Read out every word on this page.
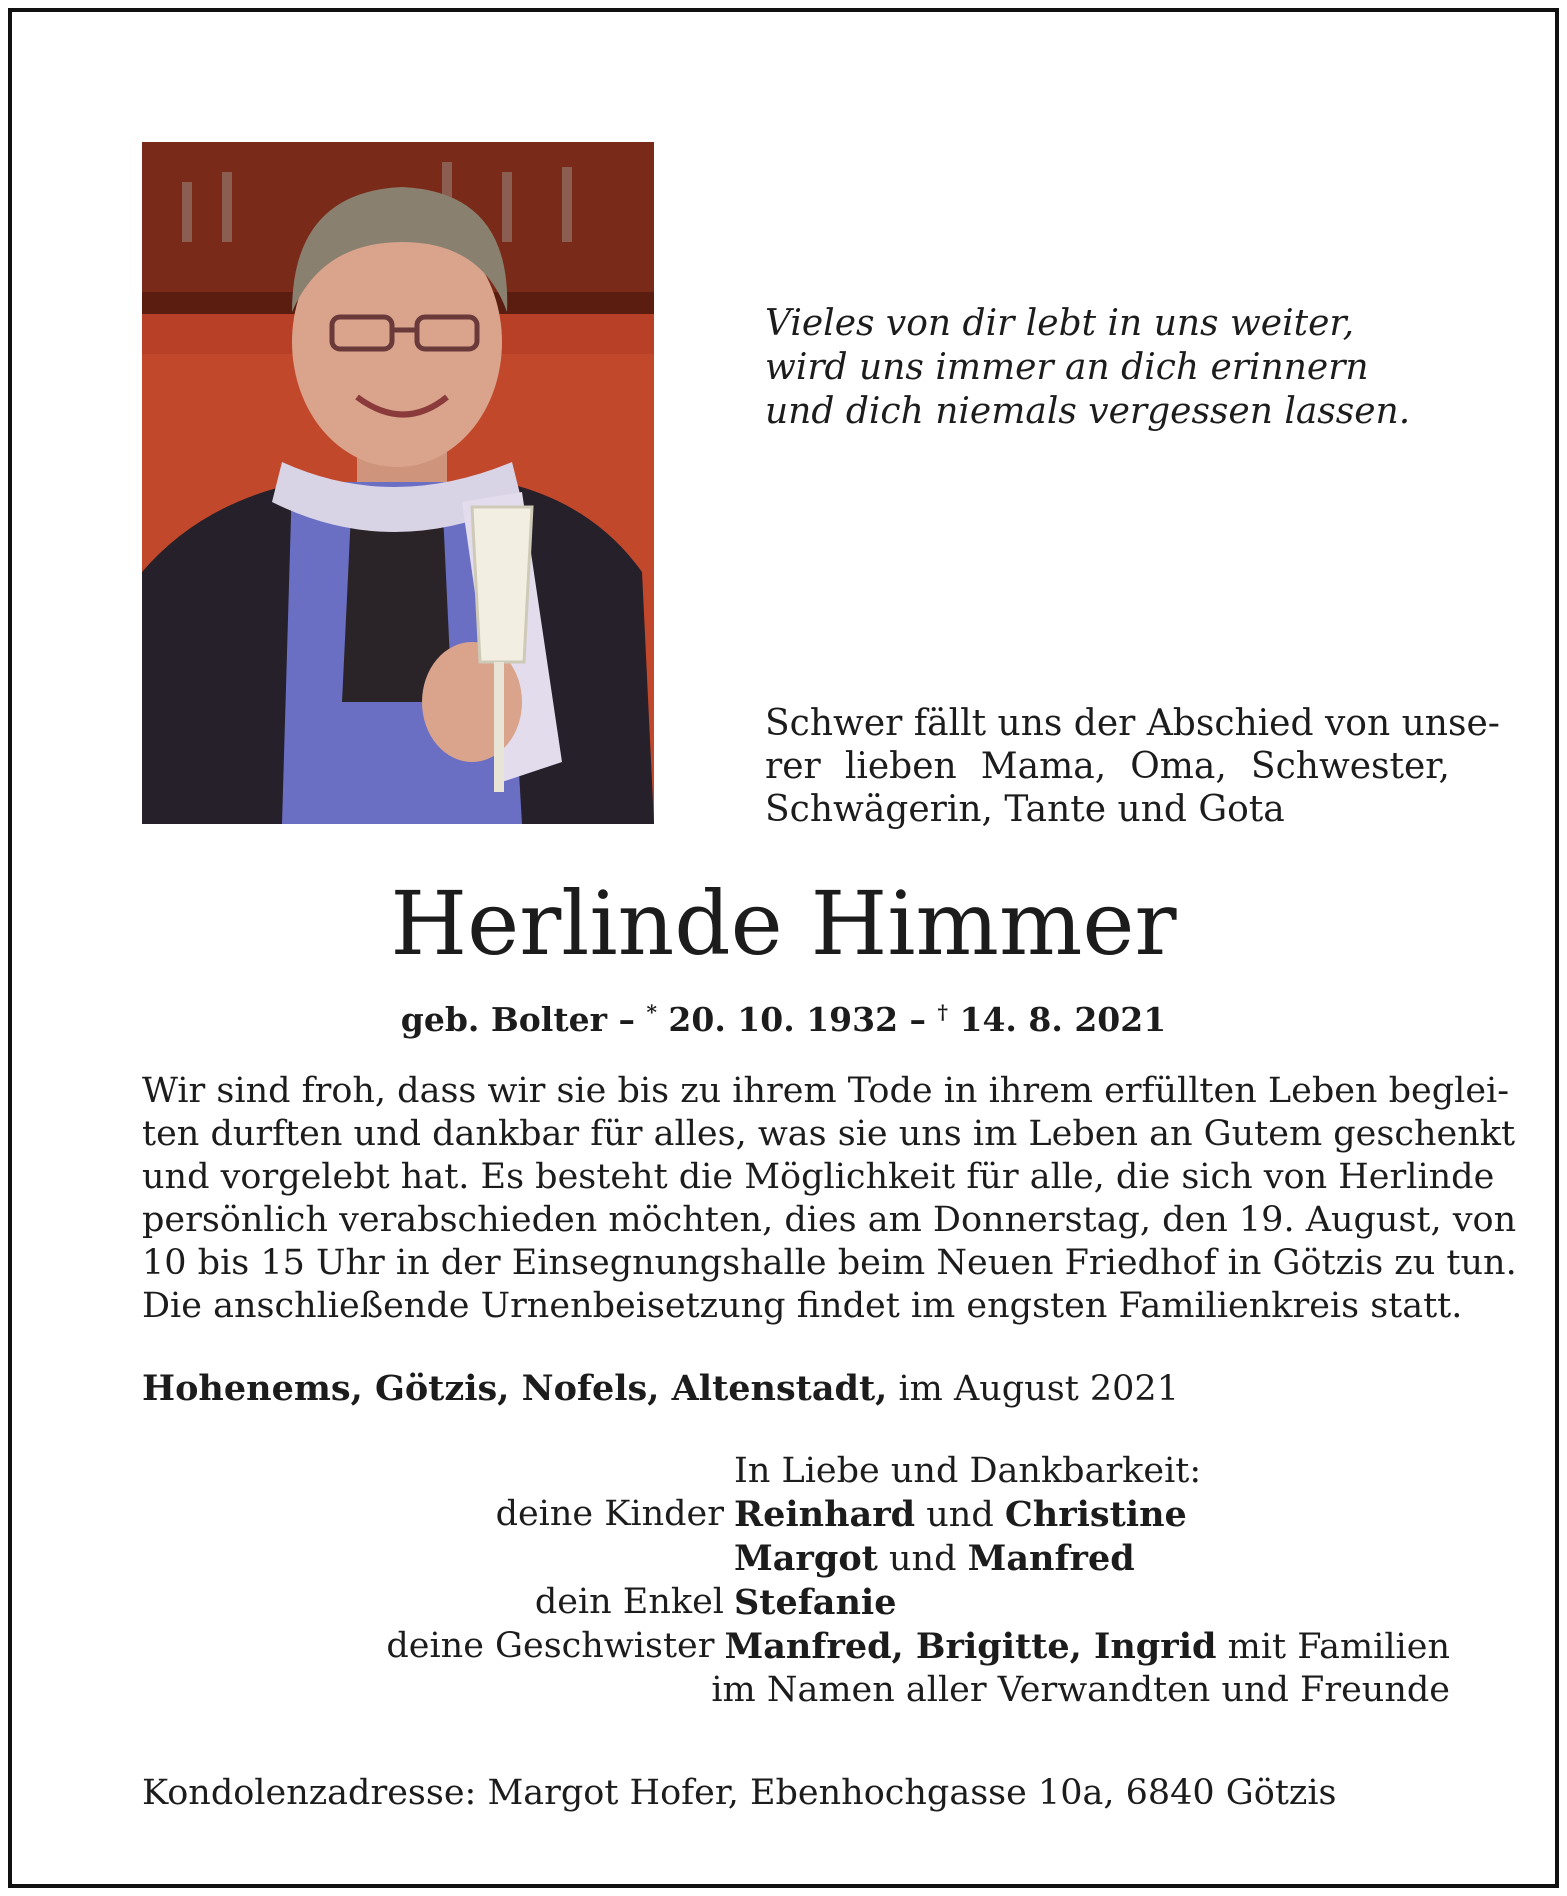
Vieles von dir lebt in uns weiter,
wird uns immer an dich erinnern
und dich niemals vergessen lassen.
Schwer fällt uns der Abschied von unse-
rer lieben Mama, Oma, Schwester,
Schwägerin, Tante und Gota
Herlinde Himmer
geb. Bolter – * 20. 10. 1932 – † 14. 8. 2021
Wir sind froh, dass wir sie bis zu ihrem Tode in ihrem erfüllten Leben beglei-
ten durften und dankbar für alles, was sie uns im Leben an Gutem geschenkt
und vorgelebt hat. Es besteht die Möglichkeit für alle, die sich von Herlinde
persönlich verabschieden möchten, dies am Donnerstag, den 19. August, von
10 bis 15 Uhr in der Einsegnungshalle beim Neuen Friedhof in Götzis zu tun.
Die anschließende Urnenbeisetzung findet im engsten Familienkreis statt.
Hohenems, Götzis, Nofels, Altenstadt, im August 2021
In Liebe und Dankbarkeit:
deine Kinder Reinhard und Christine
Margot und Manfred
dein Enkel Stefanie
deine Geschwister Manfred, Brigitte, Ingrid mit Familien
im Namen aller Verwandten und Freunde
Kondolenzadresse: Margot Hofer, Ebenhochgasse 10a, 6840 Götzis
